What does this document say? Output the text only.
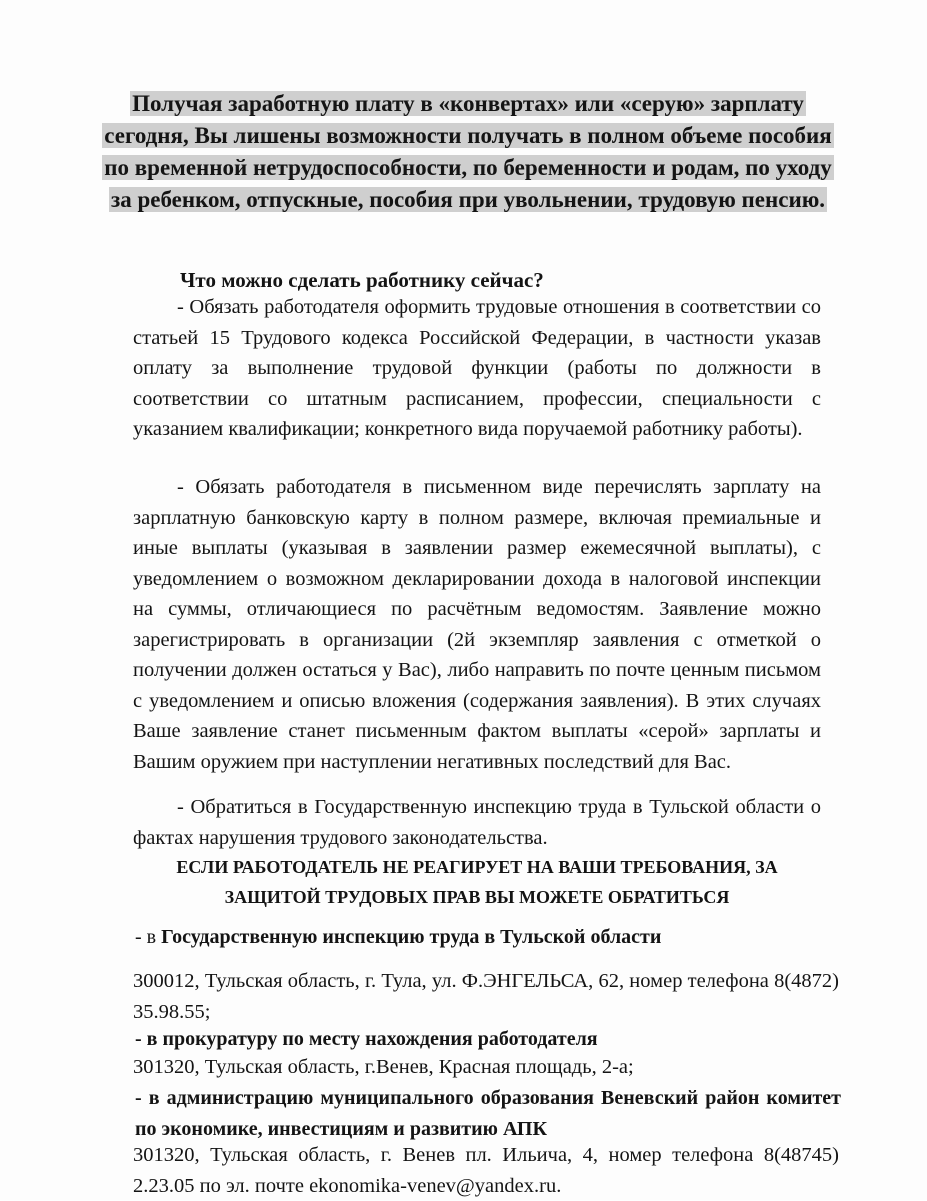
Получая заработную плату в «конвертах» или «серую» зарплату сегодня, Вы лишены возможности получать в полном объеме пособия по временной нетрудоспособности, по беременности и родам, по уходу за ребенком, отпускные, пособия при увольнении, трудовую пенсию.
Что можно сделать работнику сейчас?
- Обязать работодателя оформить трудовые отношения в соответствии со статьей 15 Трудового кодекса Российской Федерации, в частности указав оплату за выполнение трудовой функции (работы по должности в соответствии со штатным расписанием, профессии, специальности с указанием квалификации; конкретного вида поручаемой работнику работы).
- Обязать работодателя в письменном виде перечислять зарплату на зарплатную банковскую карту в полном размере, включая премиальные и иные выплаты (указывая в заявлении размер ежемесячной выплаты), с уведомлением о возможном декларировании дохода в налоговой инспекции на суммы, отличающиеся по расчётным ведомостям. Заявление можно зарегистрировать в организации (2й экземпляр заявления с отметкой о получении должен остаться у Вас), либо направить по почте ценным письмом с уведомлением и описью вложения (содержания заявления). В этих случаях Ваше заявление станет письменным фактом выплаты «серой» зарплаты и Вашим оружием при наступлении негативных последствий для Вас.
- Обратиться в Государственную инспекцию труда в Тульской области о фактах нарушения трудового законодательства.
ЕСЛИ РАБОТОДАТЕЛЬ НЕ РЕАГИРУЕТ НА ВАШИ ТРЕБОВАНИЯ, ЗА
ЗАЩИТОЙ ТРУДОВЫХ ПРАВ ВЫ МОЖЕТЕ ОБРАТИТЬСЯ
- в Государственную инспекцию труда в Тульской области
300012, Тульская область, г. Тула, ул. Ф.ЭНГЕЛЬСА, 62, номер телефона 8(4872) 35.98.55;
- в прокуратуру по месту нахождения работодателя
301320, Тульская область, г.Венев, Красная площадь, 2-а;
- в администрацию муниципального образования Веневский район комитет по экономике, инвестициям и развитию АПК
301320, Тульская область, г. Венев пл. Ильича, 4, номер телефона 8(48745) 2.23.05 по эл. почте ekonomika-venev@yandex.ru.
